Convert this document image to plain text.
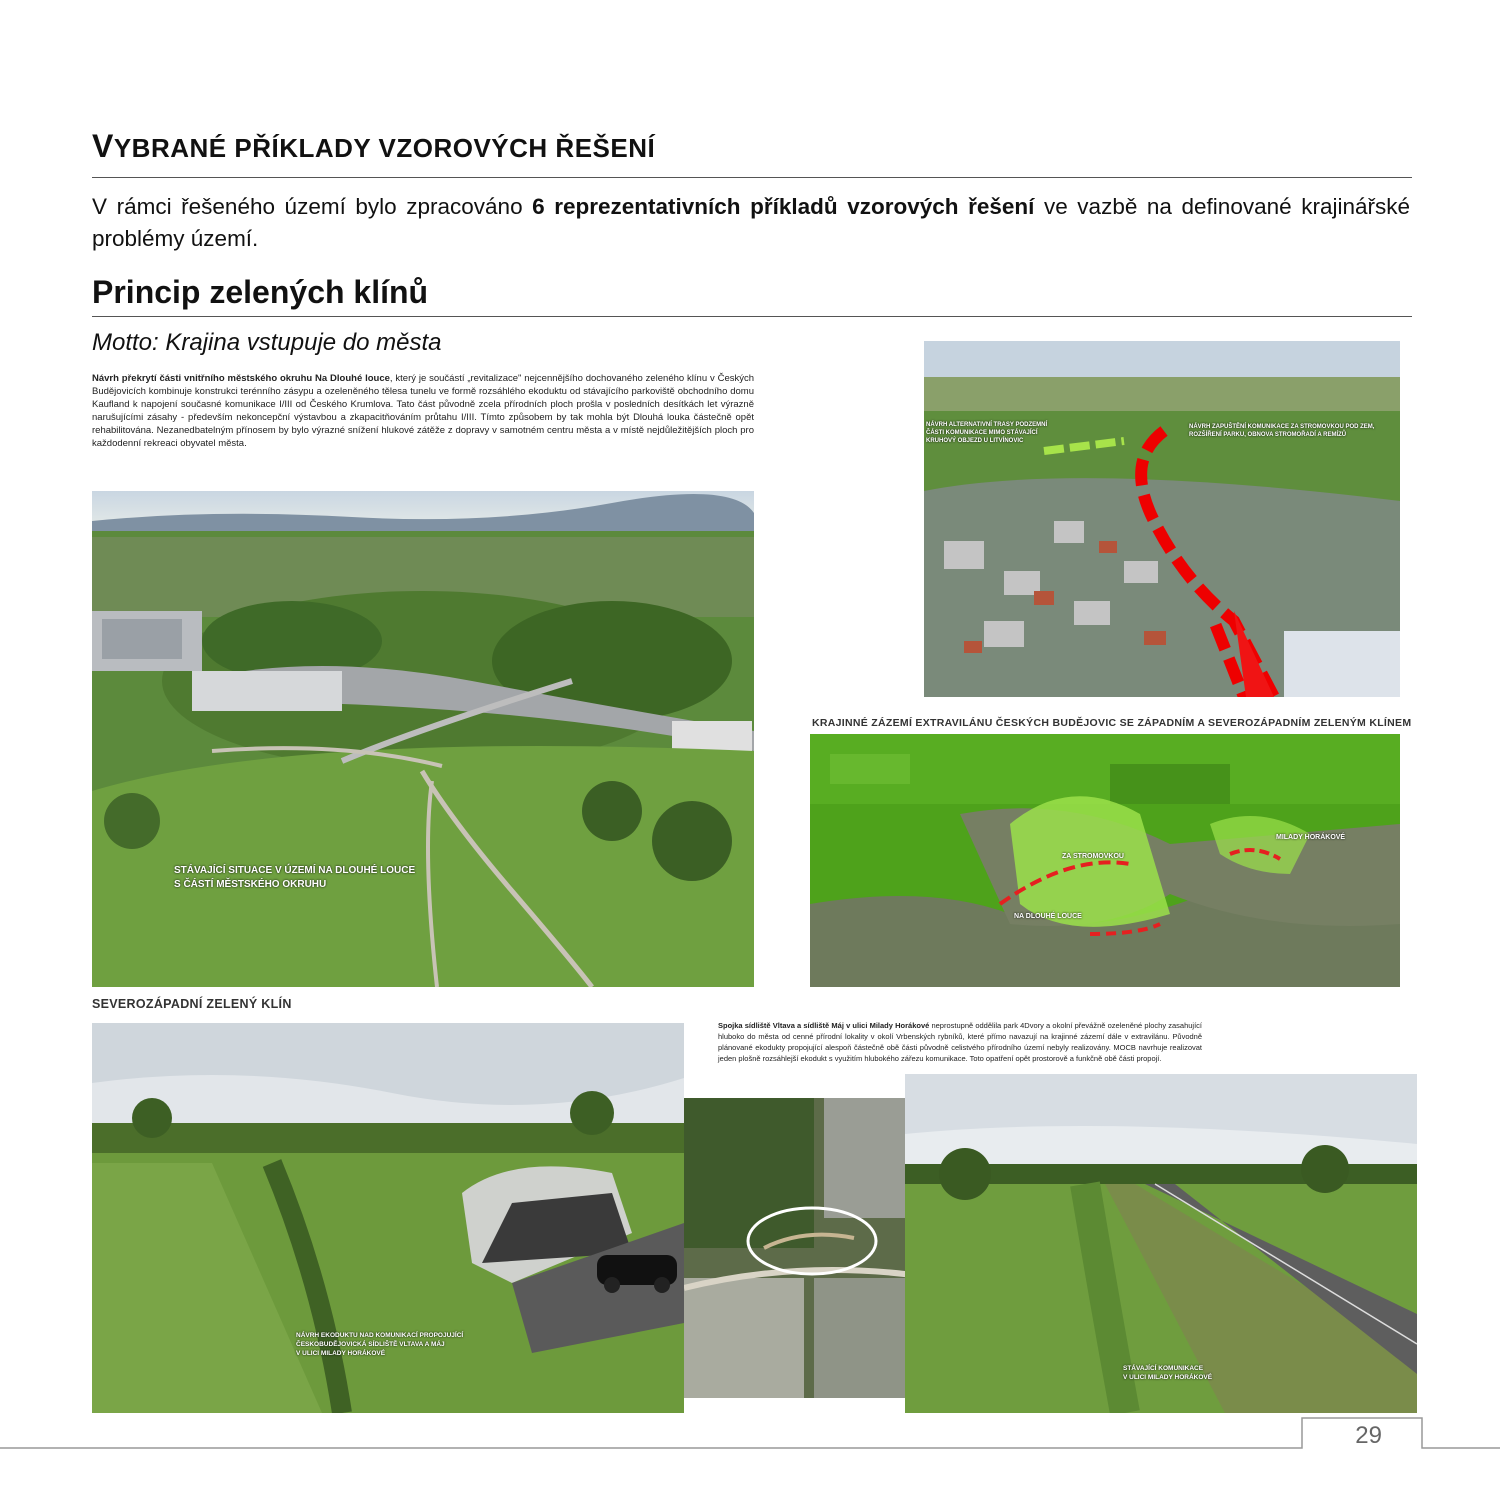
VYBRANÉ PŘÍKLADY VZOROVÝCH ŘEŠENÍ
V rámci řešeného území bylo zpracováno 6 reprezentativních příkladů vzorových řešení ve vazbě na definované krajinářské problémy území.
Princip zelených klínů
Motto: Krajina vstupuje do města
Návrh překrytí části vnitřního městského okruhu Na Dlouhé louce, který je součástí „revitalizace" nejcennějšího dochovaného zeleného klínu v Českých Budějovicích kombinuje konstrukci terénního zásypu a ozeleněného tělesa tunelu ve formě rozsáhlého ekoduktu od stávajícího parkoviště obchodního domu Kaufland k napojení současné komunikace I/III od Českého Krumlova. Tato část původně zcela přírodních ploch prošla v posledních desítkách let výrazně narušujícími zásahy - především nekoncepční výstavbou a zkapacitňováním průtahu I/III. Tímto způsobem by tak mohla být Dlouhá louka částečně opět rehabilitována. Nezanedbatelným přínosem by bylo výrazné snížení hlukové zátěže z dopravy v samotném centru města a v místě nejdůležitějších ploch pro každodenní rekreaci obyvatel města.
STÁVAJÍCÍ SITUACE V ÚZEMÍ NA DLOUHÉ LOUCE
S ČÁSTÍ MĚSTSKÉHO OKRUHU
NÁVRH ALTERNATIVNÍ TRASY PODZEMNÍ
ČÁSTI KOMUNIKACE MIMO STÁVAJÍCÍ
KRUHOVÝ OBJEZD U LITVÍNOVIC
NÁVRH ZAPUŠTĚNÍ KOMUNIKACE ZA STROMOVKOU POD ZEM,
ROZŠÍŘENÍ PARKU, OBNOVA STROMOŘADÍ A REMÍZŮ
KRAJINNÉ ZÁZEMÍ EXTRAVILÁNU ČESKÝCH BUDĚJOVIC SE ZÁPADNÍM A SEVEROZÁPADNÍM ZELENÝM KLÍNEM
ZA STROMOVKOU
MILADY HORÁKOVÉ
NA DLOUHÉ LOUCE
SEVEROZÁPADNÍ ZELENÝ KLÍN
Spojka sídliště Vltava a sídliště Máj v ulici Milady Horákové neprostupně oddělila park 4Dvory a okolní převážně ozeleněné plochy zasahující hluboko do města od cenné přírodní lokality v okolí Vrbenských rybníků, které přímo navazují na krajinné zázemí dále v extravilánu. Původně plánované ekodukty propojující alespoň částečně obě části původně celistvého přírodního území nebyly realizovány. MOCB navrhuje realizovat jeden plošně rozsáhlejší ekodukt s využitím hlubokého zářezu komunikace. Toto opatření opět prostorově a funkčně obě části propojí.
NÁVRH EKODUKTU NAD KOMUNIKACÍ PROPOJUJÍCÍ
ČESKOBUDĚJOVICKÁ SÍDLIŠTĚ VLTAVA A MÁJ
V ULICI MILADY HORÁKOVÉ
STÁVAJÍCÍ KOMUNIKACE
V ULICI MILADY HORÁKOVÉ
29
